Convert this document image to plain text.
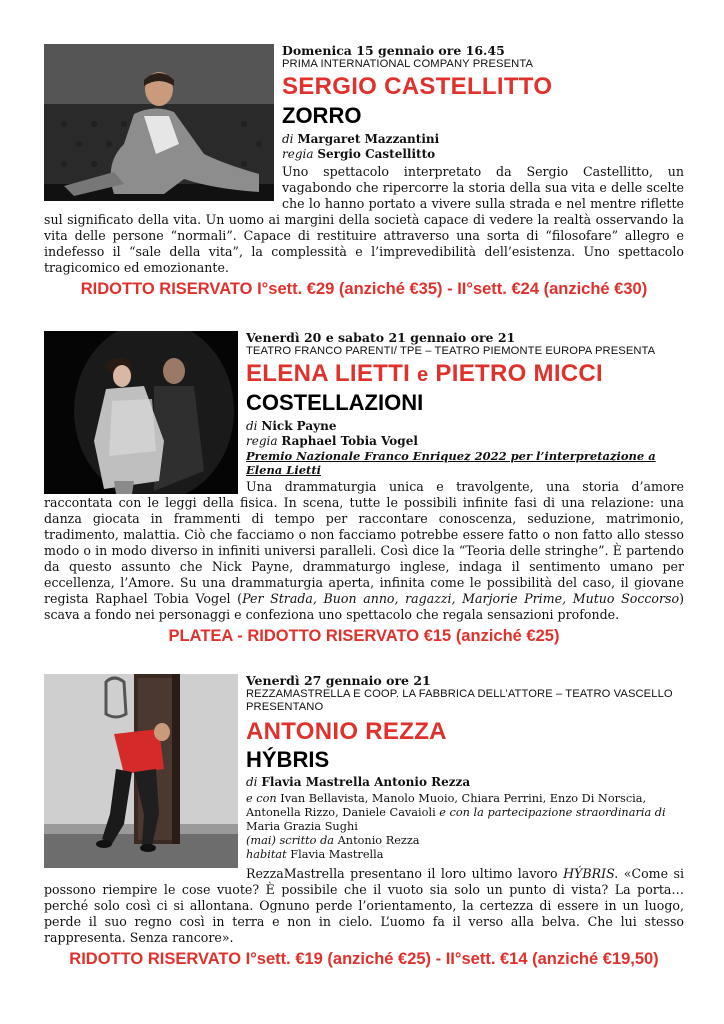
Domenica 15 gennaio ore 16.45
PRIMA INTERNATIONAL COMPANY PRESENTA
SERGIO CASTELLITTO
ZORRO
di Margaret Mazzantini
regia Sergio Castellitto
Uno spettacolo interpretato da Sergio Castellitto, un vagabondo che ripercorre la storia della sua vita e delle scelte che lo hanno portato a vivere sulla strada e nel mentre riflette sul significato della vita. Un uomo ai margini della società capace di vedere la realtà osservando la vita delle persone “normali”. Capace di restituire attraverso una sorta di “filosofare” allegro e indefesso il “sale della vita”, la complessità e l’imprevedibilità dell’esistenza. Uno spettacolo tragicomico ed emozionante.
RIDOTTO RISERVATO I°sett. €29 (anziché €35) - II°sett. €24 (anziché €30)
Venerdì 20 e sabato 21 gennaio ore 21
TEATRO FRANCO PARENTI/ TPE – TEATRO PIEMONTE EUROPA PRESENTA
ELENA LIETTI e PIETRO MICCI
COSTELLAZIONI
di Nick Payne
regia Raphael Tobia Vogel
Premio Nazionale Franco Enriquez 2022 per l’interpretazione a Elena Lietti
Una drammaturgia unica e travolgente, una storia d’amore raccontata con le leggi della fisica. In scena, tutte le possibili infinite fasi di una relazione: una danza giocata in frammenti di tempo per raccontare conoscenza, seduzione, matrimonio, tradimento, malattia. Ciò che facciamo o non facciamo potrebbe essere fatto o non fatto allo stesso modo o in modo diverso in infiniti universi paralleli. Così dice la “Teoria delle stringhe”. È partendo da questo assunto che Nick Payne, drammaturgo inglese, indaga il sentimento umano per eccellenza, l’Amore. Su una drammaturgia aperta, infinita come le possibilità del caso, il giovane regista Raphael Tobia Vogel (Per Strada, Buon anno, ragazzi, Marjorie Prime, Mutuo Soccorso) scava a fondo nei personaggi e confeziona uno spettacolo che regala sensazioni profonde.
PLATEA - RIDOTTO RISERVATO €15 (anziché €25)
Venerdì 27 gennaio ore 21
REZZAMASTRELLA E COOP. LA FABBRICA DELL’ATTORE – TEATRO VASCELLO PRESENTANO
ANTONIO REZZA
HÝBRIS
di Flavia Mastrella Antonio Rezza
e con Ivan Bellavista, Manolo Muoio, Chiara Perrini, Enzo Di Norscia, Antonella Rizzo, Daniele Cavaioli e con la partecipazione straordinaria di Maria Grazia Sughi
(mai) scritto da Antonio Rezza
habitat Flavia Mastrella
RezzaMastrella presentano il loro ultimo lavoro HÝBRIS. «Come si possono riempire le cose vuote? È possibile che il vuoto sia solo un punto di vista? La porta…perché solo così ci si allontana. Ognuno perde l’orientamento, la certezza di essere in un luogo, perde il suo regno così in terra e non in cielo. L’uomo fa il verso alla belva. Che lui stesso rappresenta. Senza rancore».
RIDOTTO RISERVATO I°sett. €19 (anziché €25) - II°sett. €14 (anziché €19,50)
